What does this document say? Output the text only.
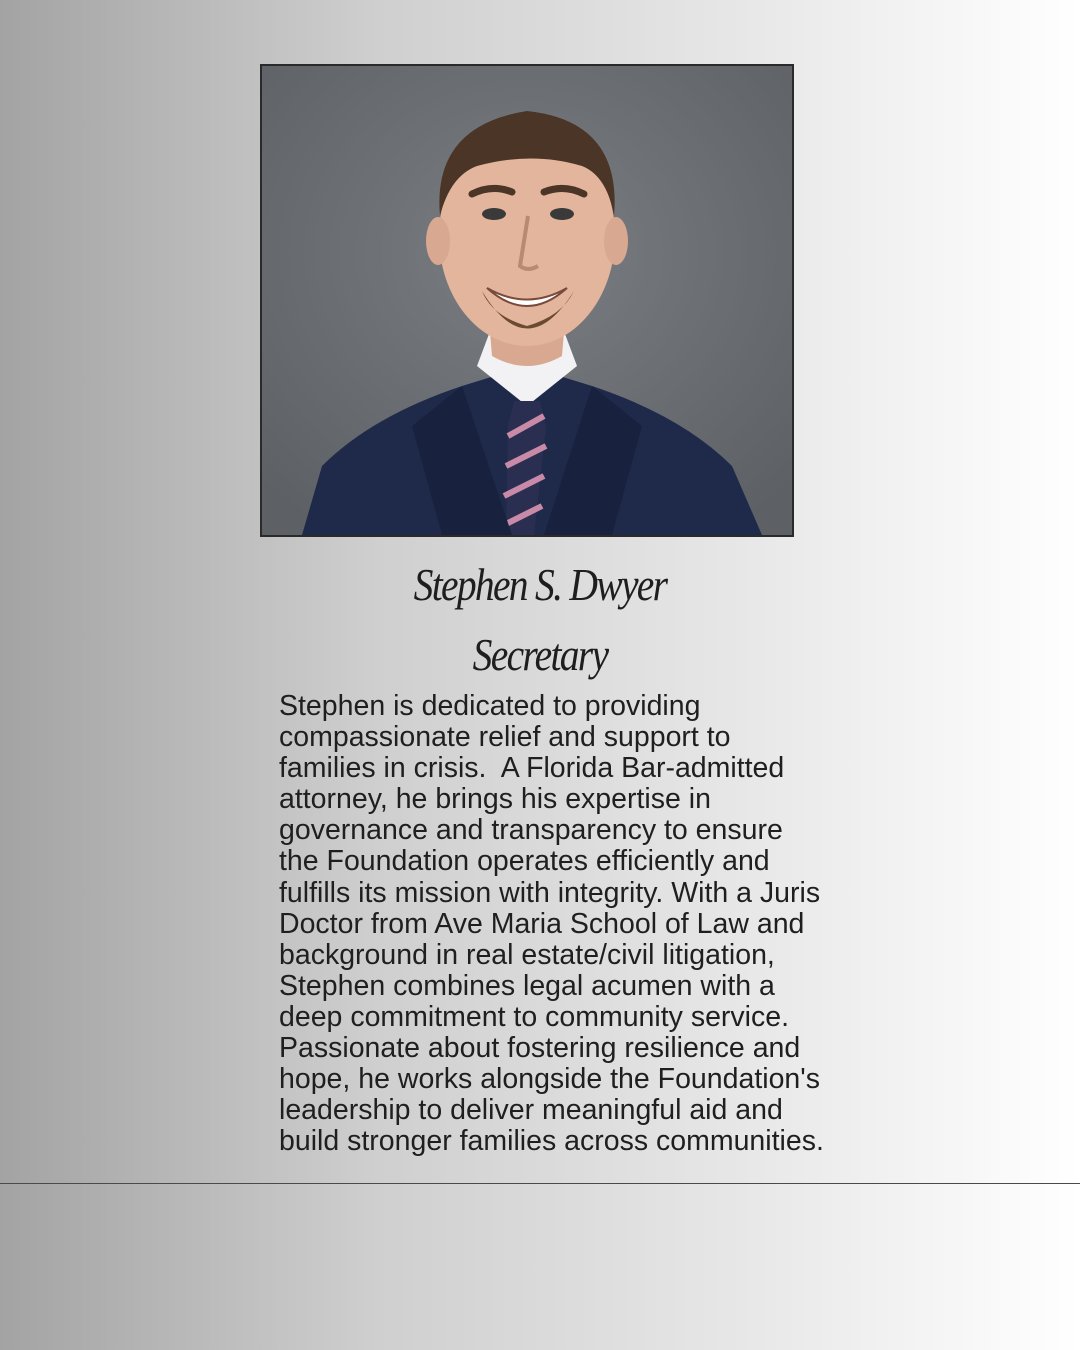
Stephen S. Dwyer
Secretary
Stephen is dedicated to providing
compassionate relief and support to
families in crisis.  A Florida Bar-admitted
attorney, he brings his expertise in
governance and transparency to ensure
the Foundation operates efficiently and
fulfills its mission with integrity. With a Juris
Doctor from Ave Maria School of Law and
background in real estate/civil litigation,
Stephen combines legal acumen with a
deep commitment to community service.
Passionate about fostering resilience and
hope, he works alongside the Foundation's
leadership to deliver meaningful aid and
build stronger families across communities.
